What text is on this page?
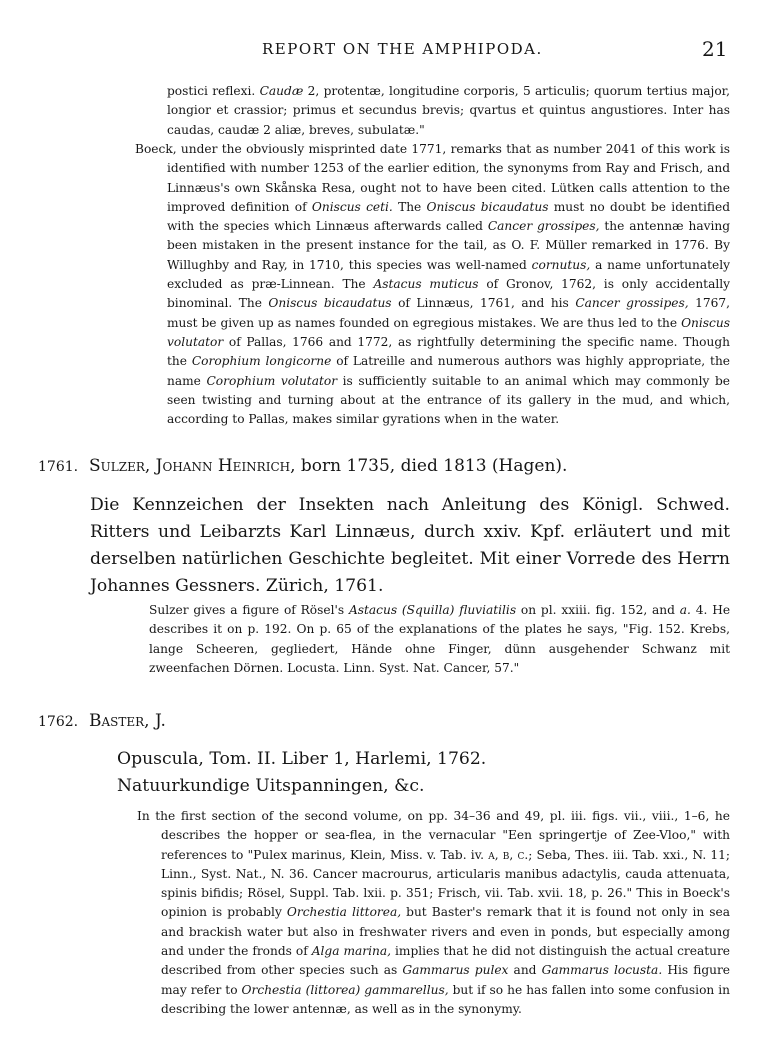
REPORT ON THE AMPHIPODA.	21

postici reflexi. Caudæ 2, protentæ, longitudine corporis, 5 articulis; quorum tertius major, longior et crassior; primus et secundus brevis; qvartus et quintus angustiores. Inter has caudas, caudæ 2 aliæ, breves, subulatæ."

Boeck, under the obviously misprinted date 1771, remarks that as number 2041 of this work is identified with number 1253 of the earlier edition, the synonyms from Ray and Frisch, and Linnæus's own Skånska Resa, ought not to have been cited. Lütken calls attention to the improved definition of Oniscus ceti. The Oniscus bicaudatus must no doubt be identified with the species which Linnæus afterwards called Cancer grossipes, the antennæ having been mistaken in the present instance for the tail, as O. F. Müller remarked in 1776. By Willughby and Ray, in 1710, this species was well-named cornutus, a name unfortunately excluded as præ-Linnean. The Astacus muticus of Gronov, 1762, is only accidentally binominal. The Oniscus bicaudatus of Linnæus, 1761, and his Cancer grossipes, 1767, must be given up as names founded on egregious mistakes. We are thus led to the Oniscus volutator of Pallas, 1766 and 1772, as rightfully determining the specific name. Though the Corophium longicorne of Latreille and numerous authors was highly appropriate, the name Corophium volutator is sufficiently suitable to an animal which may commonly be seen twisting and turning about at the entrance of its gallery in the mud, and which, according to Pallas, makes similar gyrations when in the water.

1761. Sulzer, Johann Heinrich, born 1735, died 1813 (Hagen).

Die Kennzeichen der Insekten nach Anleitung des Königl. Schwed. Ritters und Leibarzts Karl Linnæus, durch xxiv. Kpf. erläutert und mit derselben natürlichen Geschichte begleitet. Mit einer Vorrede des Herrn Johannes Gessners. Zürich, 1761.

Sulzer gives a figure of Rösel's Astacus (Squilla) fluviatilis on pl. xxiii. fig. 152, and a. 4. He describes it on p. 192. On p. 65 of the explanations of the plates he says, "Fig. 152. Krebs, lange Scheeren, gegliedert, Hände ohne Finger, dünn ausgehender Schwanz mit zweenfachen Dörnen. Locusta. Linn. Syst. Nat. Cancer, 57."

1762. Baster, J.

Opuscula, Tom. II. Liber 1, Harlemi, 1762.

Natuurkundige Uitspanningen, &c.

In the first section of the second volume, on pp. 34–36 and 49, pl. iii. figs. vii., viii., 1–6, he describes the hopper or sea-flea, in the vernacular "Een springertje of Zee-Vloo," with references to "Pulex marinus, Klein, Miss. v. Tab. iv. a, b, c.; Seba, Thes. iii. Tab. xxi., N. 11; Linn., Syst. Nat., N. 36. Cancer macrourus, articularis manibus adactylis, cauda attenuata, spinis bifidis; Rösel, Suppl. Tab. lxii. p. 351; Frisch, vii. Tab. xvii. 18, p. 26." This in Boeck's opinion is probably Orchestia littorea, but Baster's remark that it is found not only in sea and brackish water but also in freshwater rivers and even in ponds, but especially among and under the fronds of Alga marina, implies that he did not distinguish the actual creature described from other species such as Gammarus pulex and Gammarus locusta. His figure may refer to Orchestia (littorea) gammarellus, but if so he has fallen into some confusion in describing the lower antennæ, as well as in the synonymy.
